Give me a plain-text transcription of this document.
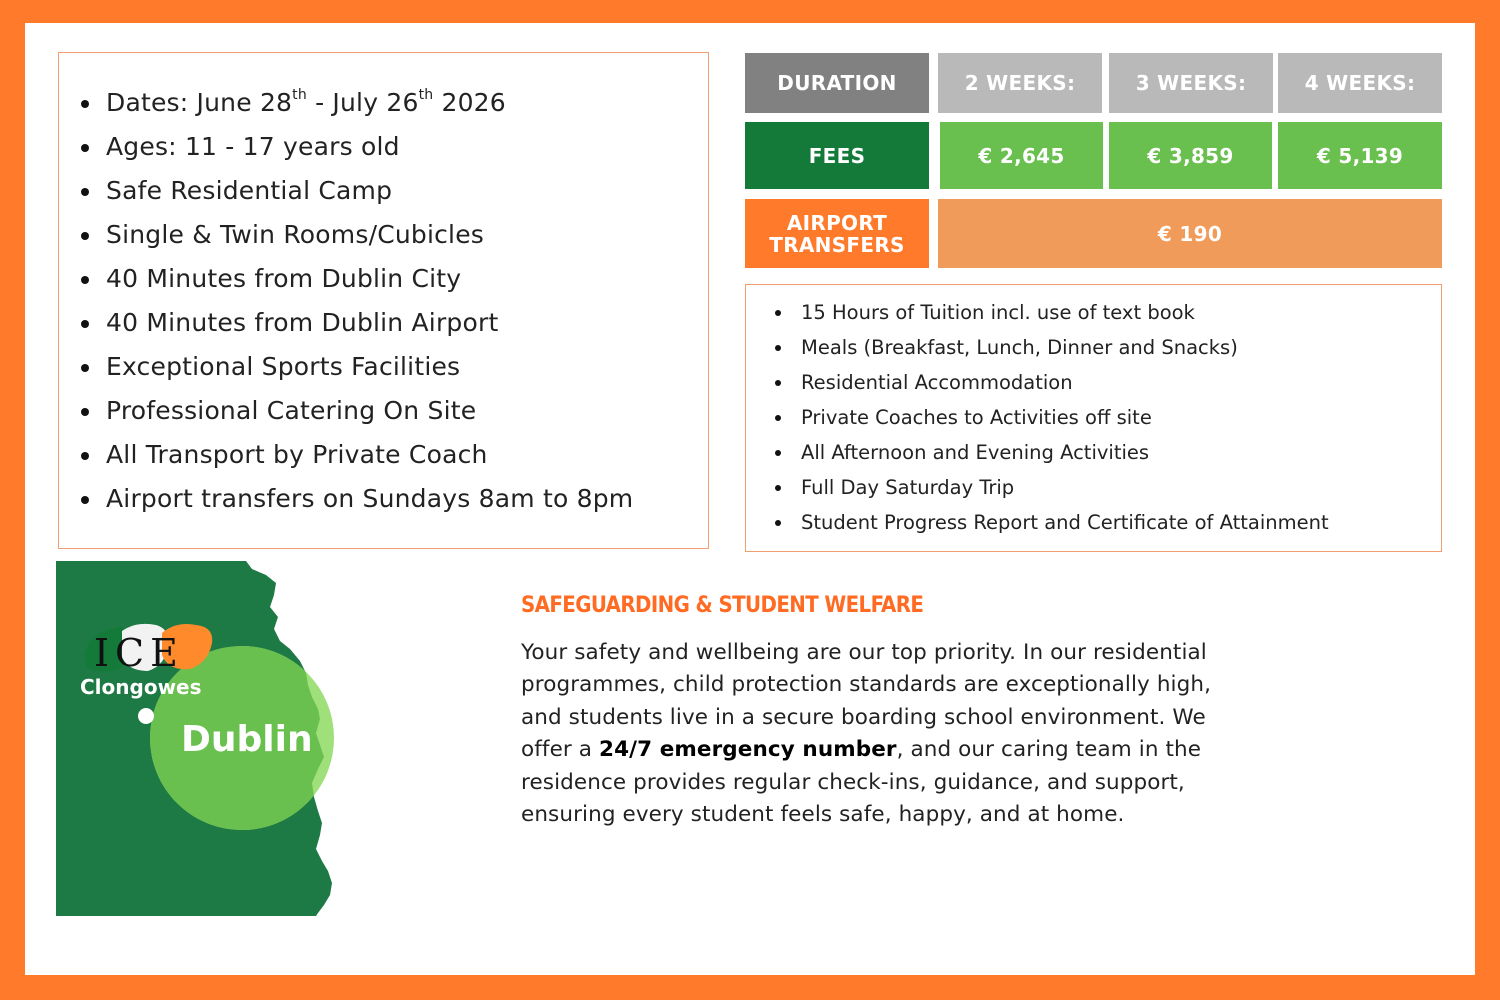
Dates: June 28th - July 26th 2026
Ages: 11 - 17 years old
Safe Residential Camp
Single & Twin Rooms/Cubicles
40 Minutes from Dublin City
40 Minutes from Dublin Airport
Exceptional Sports Facilities
Professional Catering On Site
All Transport by Private Coach
Airport transfers on Sundays 8am to 8pm
DURATION	2 WEEKS:	3 WEEKS:	4 WEEKS:
FEES	€ 2,645	€ 3,859	€ 5,139
AIRPORT
TRANSFERS	€ 190
15 Hours of Tuition incl. use of text book
Meals (Breakfast, Lunch, Dinner and Snacks)
Residential Accommodation
Private Coaches to Activities off site
All Afternoon and Evening Activities
Full Day Saturday Trip
Student Progress Report and Certificate of Attainment
ICE
Clongowes
Dublin
SAFEGUARDING & STUDENT WELFARE
Your safety and wellbeing are our top priority. In our residential programmes, child protection standards are exceptionally high, and students live in a secure boarding school environment. We offer a 24/7 emergency number, and our caring team in the residence provides regular check-ins, guidance, and support, ensuring every student feels safe, happy, and at home.
